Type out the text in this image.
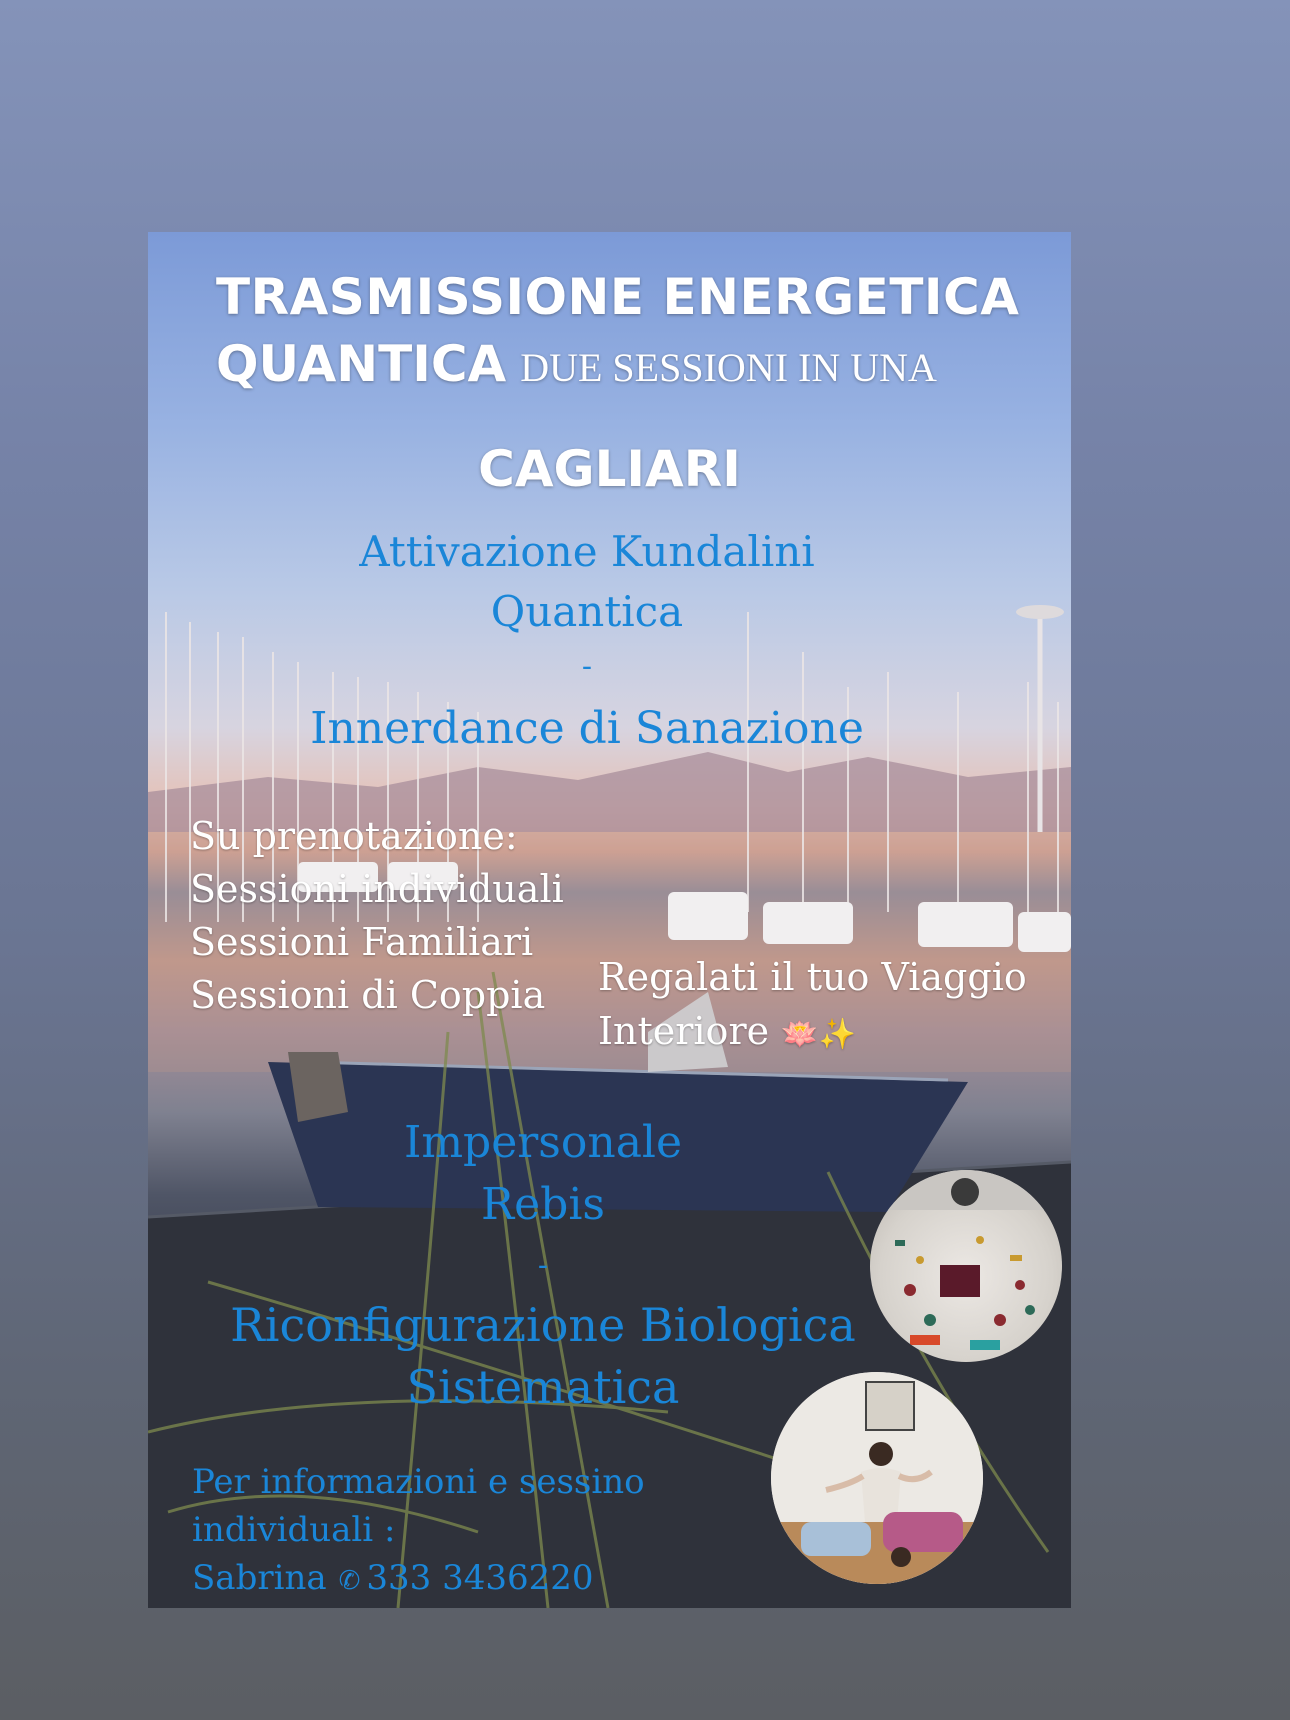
TRASMISSIONE ENERGETICA
QUANTICA DUE SESSIONI IN UNA
CAGLIARI
Attivazione Kundalini
Quantica
-
Innerdance di Sanazione
Su prenotazione:
Sessioni individuali
Sessioni Familiari
Sessioni di Coppia	Regalati il tuo Viaggio
Interiore 🪷✨
Impersonale
Rebis
-
Riconfigurazione Biologica
Sistematica
Per informazioni e sessino
individuali :
Sabrina ✆ 333 3436220
